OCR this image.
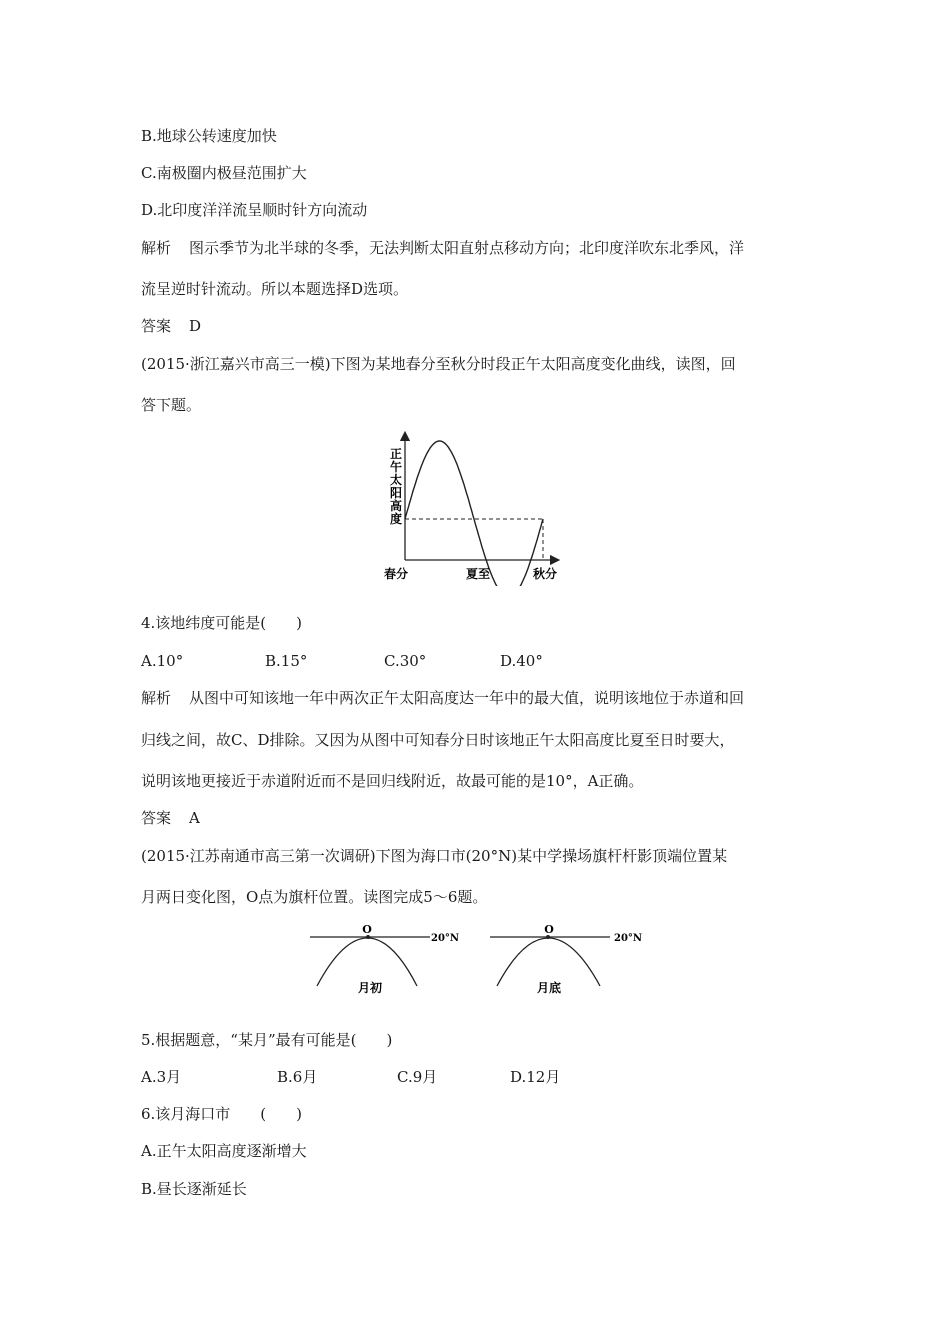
B.地球公转速度加快
C.南极圈内极昼范围扩大
D.北印度洋洋流呈顺时针方向流动
解析 图示季节为北半球的冬季，无法判断太阳直射点移动方向；北印度洋吹东北季风，洋
流呈逆时针流动。所以本题选择D选项。
答案 D
(2015·浙江嘉兴市高三一模)下图为某地春分至秋分时段正午太阳高度变化曲线，读图，回
答下题。
正午太阳高度
春分	夏至	秋分
4.该地纬度可能是(　　)
A.10°	B.15°	C.30°	D.40°
解析 从图中可知该地一年中两次正午太阳高度达一年中的最大值，说明该地位于赤道和回
归线之间，故C、D排除。又因为从图中可知春分日时该地正午太阳高度比夏至日时要大，
说明该地更接近于赤道附近而不是回归线附近，故最可能的是10°，A正确。
答案 A
(2015·江苏南通市高三第一次调研)下图为海口市(20°N)某中学操场旗杆杆影顶端位置某
月两日变化图，O点为旗杆位置。读图完成5～6题。
O
20°N
月初
O
20°N
月底
5.根据题意，“某月”最有可能是(　　)
A.3月	B.6月	C.9月	D.12月
6.该月海口市　　(　　)
A.正午太阳高度逐渐增大
B.昼长逐渐延长
